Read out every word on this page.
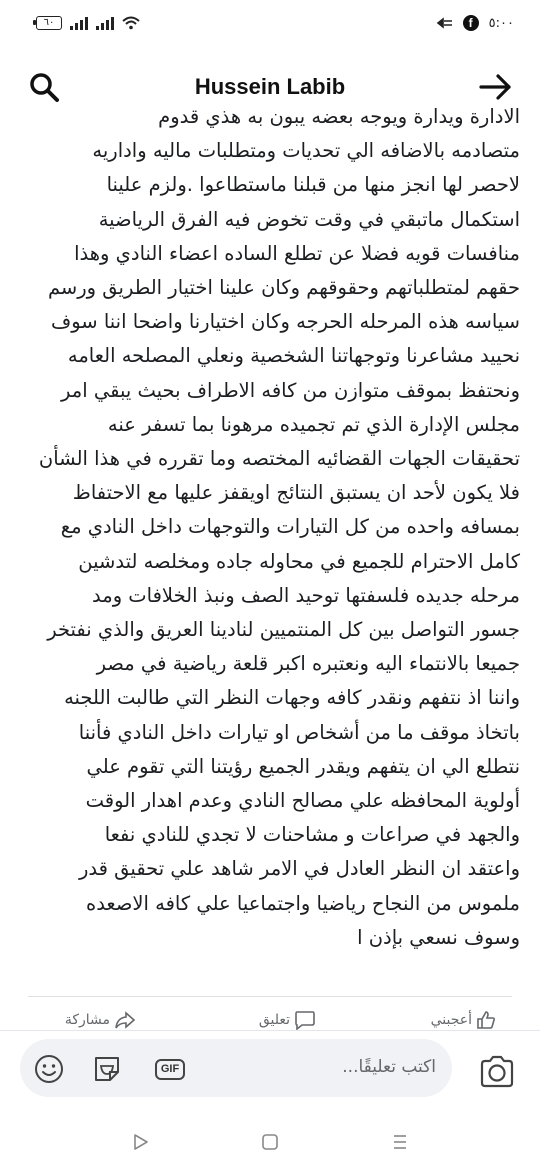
٦٠	f	٥:٠٠
Hussein Labib
الادارة ويدارة ويوجه بعضه يبون به هذي قدوم
متصادمه بالاضافه الي تحديات ومتطلبات ماليه واداريه
لاحصر لها انجز منها من قبلنا ماستطاعوا .ولزم علينا
استكمال ماتبقي في وقت تخوض فيه الفرق الرياضية
منافسات قويه فضلا عن تطلع الساده اعضاء النادي وهذا
حقهم لمتطلباتهم وحقوقهم وكان علينا اختيار الطريق ورسم
سياسه هذه المرحله الحرجه وكان اختيارنا واضحا اننا سوف
نحييد مشاعرنا وتوجهاتنا الشخصية ونعلي المصلحه العامه
ونحتفظ بموقف متوازن من كافه الاطراف بحيث يبقي امر
مجلس الإدارة الذي تم تجميده مرهونا بما تسفر عنه
تحقيقات الجهات القضائيه المختصه وما تقرره في هذا الشأن
فلا يكون لأحد ان يستبق النتائج اويقفز عليها مع الاحتفاظ
بمسافه واحده من كل التيارات والتوجهات داخل النادي مع
كامل الاحترام للجميع في محاوله جاده ومخلصه لتدشين
مرحله جديده فلسفتها توحيد الصف ونبذ الخلافات ومد
جسور التواصل بين كل المنتميين لنادينا العريق والذي نفتخر
جميعا بالانتماء اليه ونعتبره اكبر قلعة رياضية في مصر
واننا اذ نتفهم ونقدر كافه وجهات النظر التي طالبت اللجنه
باتخاذ موقف ما من أشخاص او تيارات داخل النادي فأننا
نتطلع الي ان يتفهم ويقدر الجميع رؤيتنا التي تقوم علي
أولوية المحافظه علي مصالح النادي وعدم اهدار الوقت
والجهد في صراعات و مشاحنات لا تجدي للنادي نفعا
واعتقد ان النظر العادل في الامر شاهد علي تحقيق قدر
ملموس من النجاح رياضيا واجتماعيا علي كافه الاصعده
وسوف نسعي بإذن ا
أعجبني
تعليق
مشاركة
GIF	اكتب تعليقًا...
